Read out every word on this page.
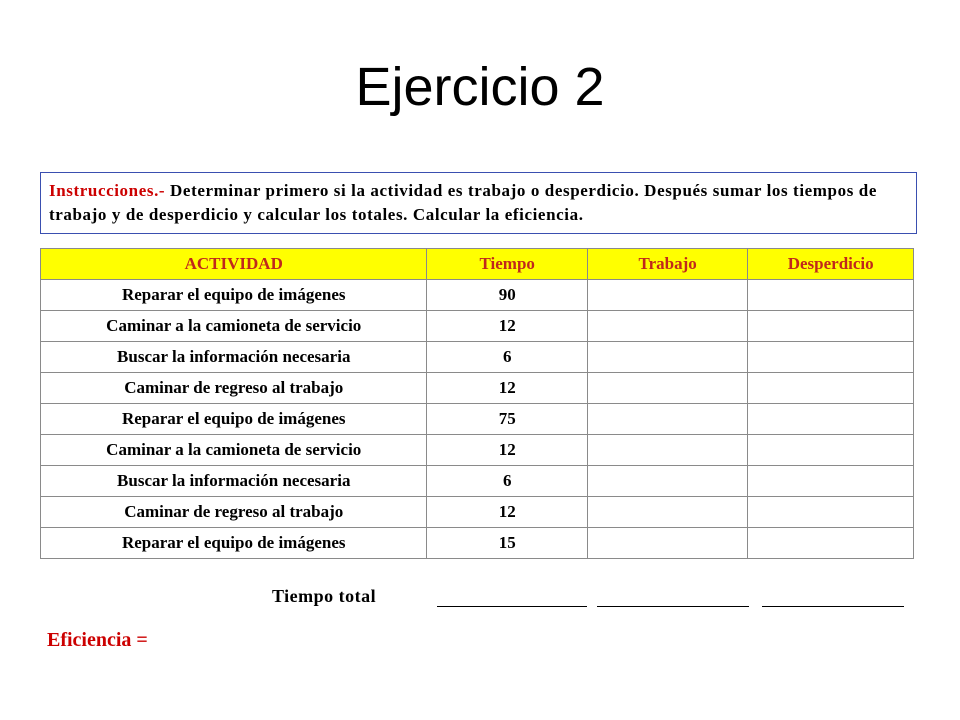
Ejercicio 2
Instrucciones.- Determinar primero si la actividad es trabajo o desperdicio. Después sumar los tiempos de trabajo y de desperdicio y calcular los totales. Calcular la eficiencia.
ACTIVIDAD	Tiempo	Trabajo	Desperdicio
Reparar el equipo de imágenes	90		
Caminar a la camioneta de servicio	12		
Buscar la información necesaria	6		
Caminar de regreso al trabajo	12		
Reparar el equipo de imágenes	75		
Caminar a la camioneta de servicio	12		
Buscar la información necesaria	6		
Caminar de regreso al trabajo	12		
Reparar el equipo de imágenes	15		
Tiempo total
Eficiencia =
